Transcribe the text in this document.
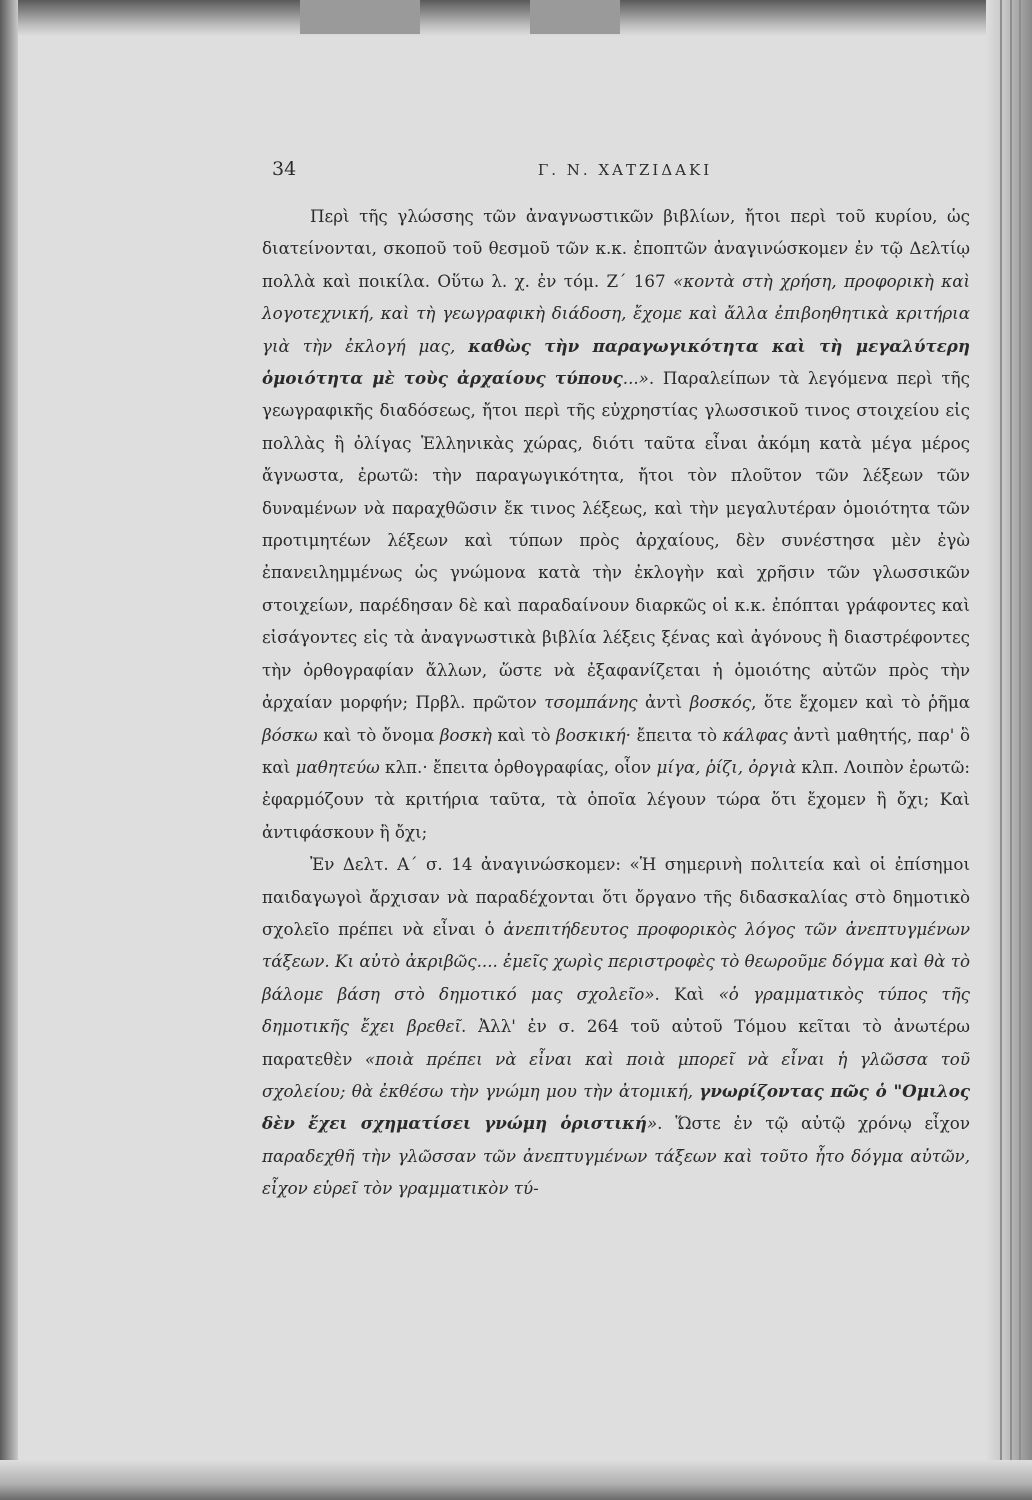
34	Γ. Ν. ΧΑΤΖΙΔΑΚΙ

Περὶ τῆς γλώσσης τῶν ἀναγνωστικῶν βιβλίων, ἤτοι περὶ τοῦ κυρίου, ὡς διατείνονται, σκοποῦ τοῦ θεσμοῦ τῶν κ.κ. ἐποπτῶν ἀναγινώσκομεν ἐν τῷ Δελτίῳ πολλὰ καὶ ποικίλα. Οὕτω λ. χ. ἐν τόμ. Ζ΄ 167 «κοντὰ στὴ χρήση, προφορικὴ καὶ λογοτεχνική, καὶ τὴ γεωγραφικὴ διάδοση, ἔχομε καὶ ἄλλα ἐπιβοηθητικὰ κριτήρια γιὰ τὴν ἐκλογή μας, καθὼς τὴν παραγωγικότητα καὶ τὴ μεγαλύτερη ὁμοιότητα μὲ τοὺς ἀρχαίους τύπους...». Παραλείπων τὰ λεγόμενα περὶ τῆς γεωγραφικῆς διαδόσεως, ἤτοι περὶ τῆς εὐχρηστίας γλωσσικοῦ τινος στοιχείου εἰς πολλὰς ἢ ὀλίγας Ἑλληνικὰς χώρας, διότι ταῦτα εἶναι ἀκόμη κατὰ μέγα μέρος ἄγνωστα, ἐρωτῶ: τὴν παραγωγικότητα, ἤτοι τὸν πλοῦτον τῶν λέξεων τῶν δυναμένων νὰ παραχθῶσιν ἔκ τινος λέξεως, καὶ τὴν μεγαλυτέραν ὁμοιότητα τῶν προτιμητέων λέξεων καὶ τύπων πρὸς ἀρχαίους, δὲν συνέστησα μὲν ἐγὼ ἐπανειλημμένως ὡς γνώμονα κατὰ τὴν ἐκλογὴν καὶ χρῆσιν τῶν γλωσσικῶν στοιχείων, παρέδησαν δὲ καὶ παραδαίνουν διαρκῶς οἱ κ.κ. ἐπόπται γράφοντες καὶ εἰσάγοντες εἰς τὰ ἀναγνωστικὰ βιβλία λέξεις ξένας καὶ ἀγόνους ἢ διαστρέφοντες τὴν ὀρθογραφίαν ἄλλων, ὥστε νὰ ἐξαφανίζεται ἡ ὁμοιότης αὐτῶν πρὸς τὴν ἀρχαίαν μορφήν; Πρβλ. πρῶτον τσομπάνης ἀντὶ βοσκός, ὅτε ἔχομεν καὶ τὸ ῥῆμα βόσκω καὶ τὸ ὄνομα βοσκὴ καὶ τὸ βοσκική· ἔπειτα τὸ κάλφας ἀντὶ μαθητής, παρ' ὃ καὶ μαθητεύω κλπ.· ἔπειτα ὀρθογραφίας, οἷον μίγα, ῥίζι, ὀργιὰ κλπ. Λοιπὸν ἐρωτῶ: ἐφαρμόζουν τὰ κριτήρια ταῦτα, τὰ ὁποῖα λέγουν τώρα ὅτι ἔχομεν ἢ ὄχι; Καὶ ἀντιφάσκουν ἢ ὄχι;

Ἐν Δελτ. Α΄ σ. 14 ἀναγινώσκομεν: «Ἡ σημερινὴ πολιτεία καὶ οἱ ἐπίσημοι παιδαγωγοὶ ἄρχισαν νὰ παραδέχονται ὅτι ὄργανο τῆς διδασκαλίας στὸ δημοτικὸ σχολεῖο πρέπει νὰ εἶναι ὁ ἀνεπιτήδευτος προφορικὸς λόγος τῶν ἀνεπτυγμένων τάξεων. Κι αὐτὸ ἀκριβῶς.... ἐμεῖς χωρὶς περιστροφὲς τὸ θεωροῦμε δόγμα καὶ θὰ τὸ βάλομε βάση στὸ δημοτικό μας σχολεῖο». Καὶ «ὁ γραμματικὸς τύπος τῆς δημοτικῆς ἔχει βρεθεῖ. Ἀλλ' ἐν σ. 264 τοῦ αὐτοῦ Τόμου κεῖται τὸ ἀνωτέρω παρατεθὲν «ποιὰ πρέπει νὰ εἶναι καὶ ποιὰ μπορεῖ νὰ εἶναι ἡ γλῶσσα τοῦ σχολείου; θὰ ἐκθέσω τὴν γνώμη μου τὴν ἀτομική, γνωρίζοντας πῶς ὁ "Ομιλος δὲν ἔχει σχηματίσει γνώμη ὁριστική». Ὥστε ἐν τῷ αὐτῷ χρόνῳ εἶχον παραδεχθῆ τὴν γλῶσσαν τῶν ἀνεπτυγμένων τάξεων καὶ τοῦτο ἦτο δόγμα αὐτῶν, εἶχον εὑρεῖ τὸν γραμματικὸν τύ-
